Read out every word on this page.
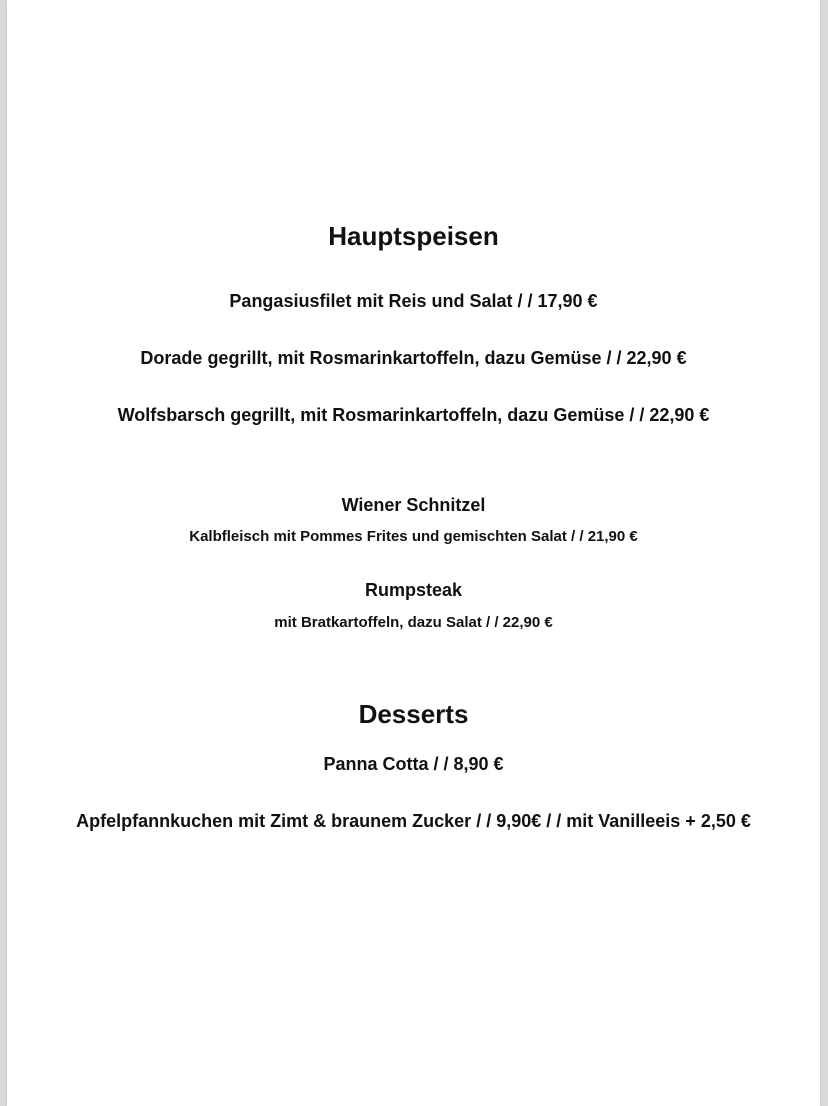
Hauptspeisen

Pangasiusfilet mit Reis und Salat / / 17,90 €

Dorade gegrillt, mit Rosmarinkartoffeln, dazu Gemüse / / 22,90 €

Wolfsbarsch gegrillt, mit Rosmarinkartoffeln, dazu Gemüse / / 22,90 €

Wiener Schnitzel

Kalbfleisch mit Pommes Frites und gemischten Salat / / 21,90 €

Rumpsteak

mit Bratkartoffeln, dazu Salat / / 22,90 €

Desserts

Panna Cotta / / 8,90 €

Apfelpfannkuchen mit Zimt & braunem Zucker / / 9,90€ / / mit Vanilleeis + 2,50 €
